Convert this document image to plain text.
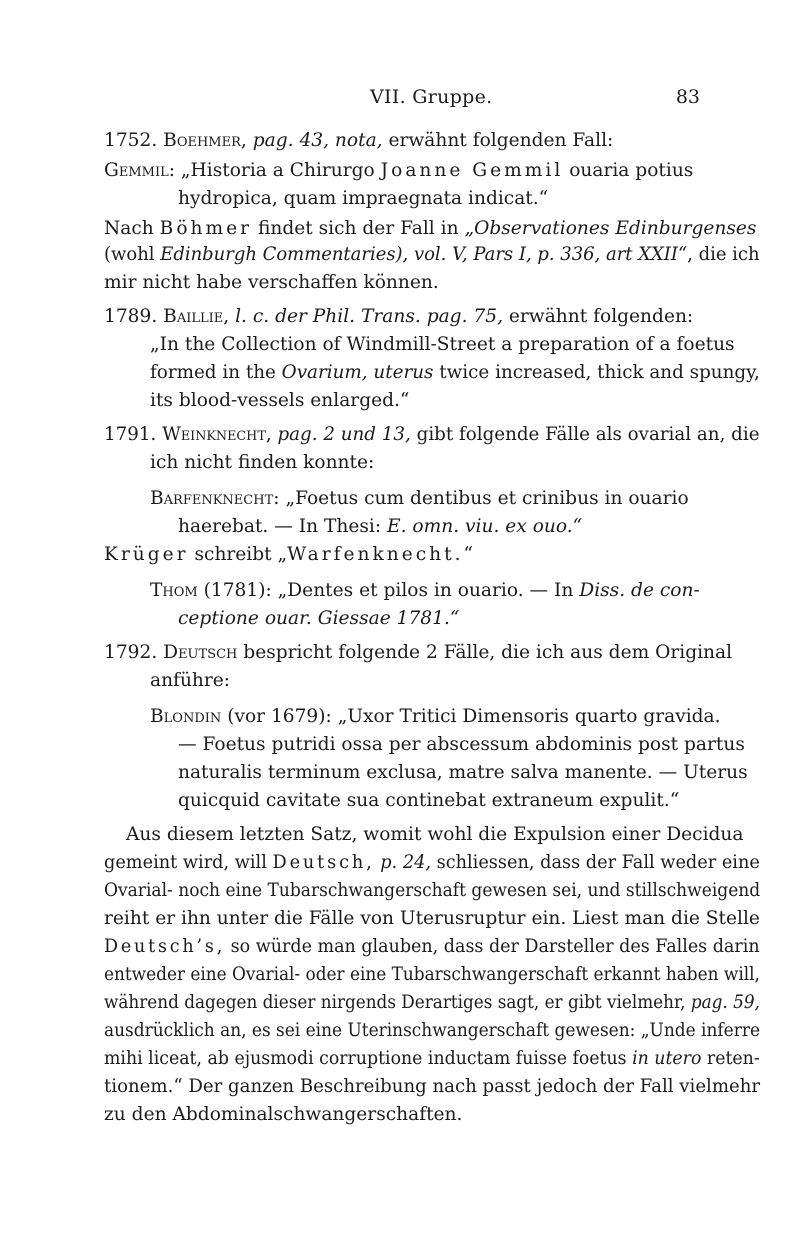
VII. Gruppe.	83
1752. Boehmer, pag. 43, nota, erwähnt folgenden Fall:
Gemmil: „Historia a Chirurgo Joanne Gemmil ouaria potius
hydropica, quam impraegnata indicat.“
Nach Böhmer findet sich der Fall in „Observationes Edinburgenses
(wohl Edinburgh Commentaries), vol. V, Pars I, p. 336, art XXII“, die ich
mir nicht habe verschaffen können.
1789. Baillie, l. c. der Phil. Trans. pag. 75, erwähnt folgenden:
„In the Collection of Windmill-Street a preparation of a foetus
formed in the Ovarium, uterus twice increased, thick and spungy,
its blood-vessels enlarged.“
1791. Weinknecht, pag. 2 und 13, gibt folgende Fälle als ovarial an, die
ich nicht finden konnte:
Barfenknecht: „Foetus cum dentibus et crinibus in ouario
haerebat. — In Thesi: E. omn. viu. ex ouo.“
Krüger schreibt „Warfenknecht.“
Thom (1781): „Dentes et pilos in ouario. — In Diss. de con-
ceptione ouar. Giessae 1781.“
1792. Deutsch bespricht folgende 2 Fälle, die ich aus dem Original
anführe:
Blondin (vor 1679): „Uxor Tritici Dimensoris quarto gravida.
— Foetus putridi ossa per abscessum abdominis post partus
naturalis terminum exclusa, matre salva manente. — Uterus
quicquid cavitate sua continebat extraneum expulit.“
Aus diesem letzten Satz, womit wohl die Expulsion einer Decidua
gemeint wird, will Deutsch, p. 24, schliessen, dass der Fall weder eine
Ovarial- noch eine Tubarschwangerschaft gewesen sei, und stillschweigend
reiht er ihn unter die Fälle von Uterusruptur ein. Liest man die Stelle
Deutsch’s, so würde man glauben, dass der Darsteller des Falles darin
entweder eine Ovarial- oder eine Tubarschwangerschaft erkannt haben will,
während dagegen dieser nirgends Derartiges sagt, er gibt vielmehr, pag. 59,
ausdrücklich an, es sei eine Uterinschwangerschaft gewesen: „Unde inferre
mihi liceat, ab ejusmodi corruptione inductam fuisse foetus in utero reten-
tionem.“ Der ganzen Beschreibung nach passt jedoch der Fall vielmehr
zu den Abdominalschwangerschaften.
